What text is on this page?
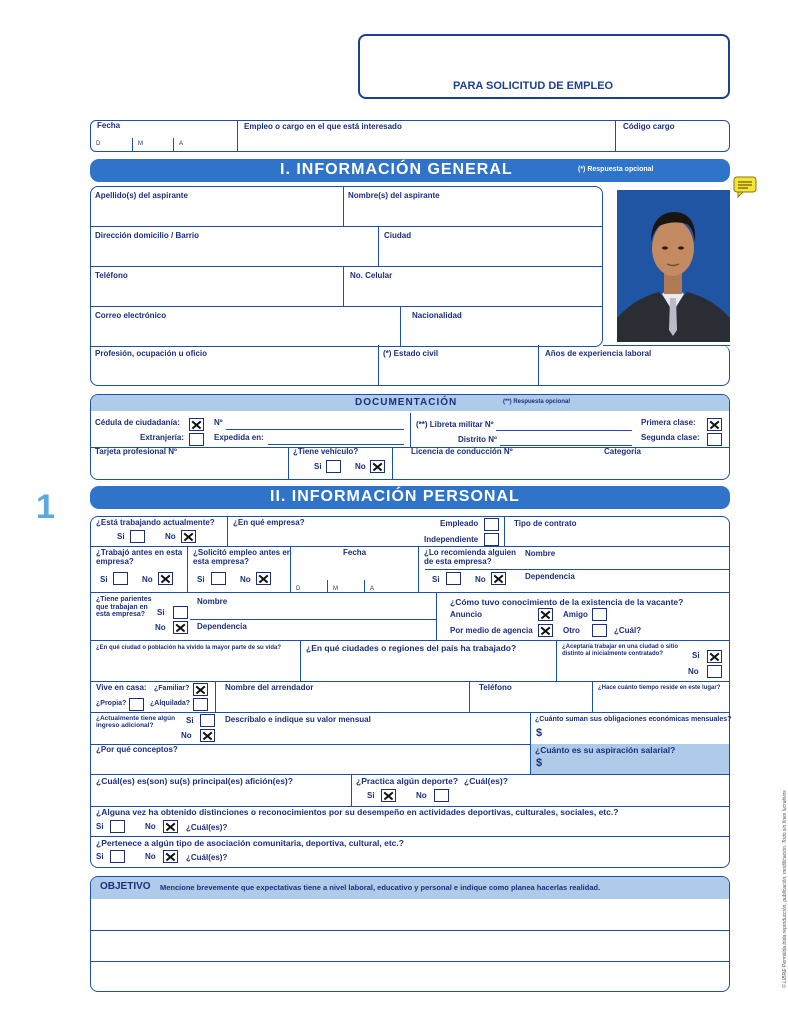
PARA SOLICITUD DE EMPLEO
Fecha
D	M	A
Empleo o cargo en el que está interesado	Código cargo
I. INFORMACIÓN GENERAL	(*) Respuesta opcional
Apellido(s) del aspirante	Nombre(s) del aspirante
Dirección domicilio / Barrio	Ciudad
Teléfono	No. Celular
Correo electrónico	Nacionalidad
Profesión, ocupación u oficio	(*) Estado civil	Años de experiencia laboral
DOCUMENTACIÓN	(**) Respuesta opcional
Cédula de ciudadanía:	Nº
Extranjería:	Expedida en:
(**) Libreta militar Nº
Distrito Nº
Primera clase:
Segunda clase:
Tarjeta profesional Nº	¿Tiene vehículo?
Si	No
Licencia de conducción Nº	Categoría
1	II. INFORMACIÓN PERSONAL
¿Está trabajando actualmente?
Si	No
¿En qué empresa?	Empleado
Independiente
Tipo de contrato
¿Trabajó antes en esta empresa?
Si	No
¿Solicitó empleo antes en esta empresa?
Si	No
Fecha
D	M	A
¿Lo recomienda alguien de esta empresa?
Si	No
Nombre
Dependencia
¿Tiene parientes que trabajan en esta empresa?	Si
No
Nombre
Dependencia
¿Cómo tuvo conocimiento de la existencia de la vacante?
Anuncio	Amigo
Por medio de agencia	Otro	¿Cuál?
¿En qué ciudad o población ha vivido la mayor parte de su vida?	¿En qué ciudades o regiones del país ha trabajado?	¿Aceptaría trabajar en una ciudad o sitio distinto al inicialmente contratado?	Si
No
Vive en casa: ¿Familiar?
¿Propia?	¿Alquilada?
Nombre del arrendador	Teléfono	¿Hace cuánto tiempo reside en este lugar?
¿Actualmente tiene algún ingreso adicional?
Si
No
Descríbalo e indique su valor mensual	¿Cuánto suman sus obligaciones económicas mensuales?
$
¿Por qué conceptos?	¿Cuánto es su aspiración salarial?
$
¿Cuál(es) es(son) su(s) principal(es) afición(es)?	¿Practica algún deporte? ¿Cuál(es)?
Si	No
¿Alguna vez ha obtenido distinciones o reconocimientos por su desempeño en actividades deportivas, culturales, sociales, etc.?
Si	No	¿Cuál(es)?
¿Pertenece a algún tipo de asociación comunitaria, deportiva, cultural, etc.?
Si	No	¿Cuál(es)?
OBJETIVO Mencione brevemente que expectativas tiene a nivel laboral, educativo y personal e indique como planea hacerlas realidad.	© LIBRE Permitida toda reproducción, publicación, modificación. Todo sin fines lucrativos
